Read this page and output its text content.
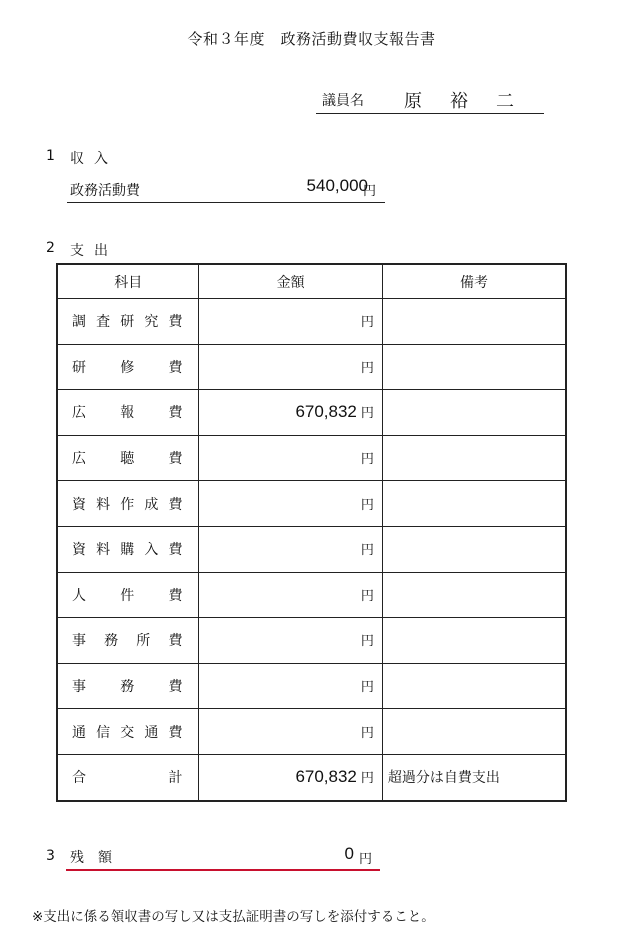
令和３年度　政務活動費収支報告書
議員名 原裕二
1 収入
政務活動費	540,000
円
2 支出
科目	金額	備考
調査研究費	円	
研修費	円	
広報費	670,832 円	
広聴費	円	
資料作成費	円	
資料購入費	円	
人件費	円	
事務所費	円	
事務費	円	
通信交通費	円	
合計	670,832 円	超過分は自費支出
3 残額	0 円
※支出に係る領収書の写し又は支払証明書の写しを添付すること。
